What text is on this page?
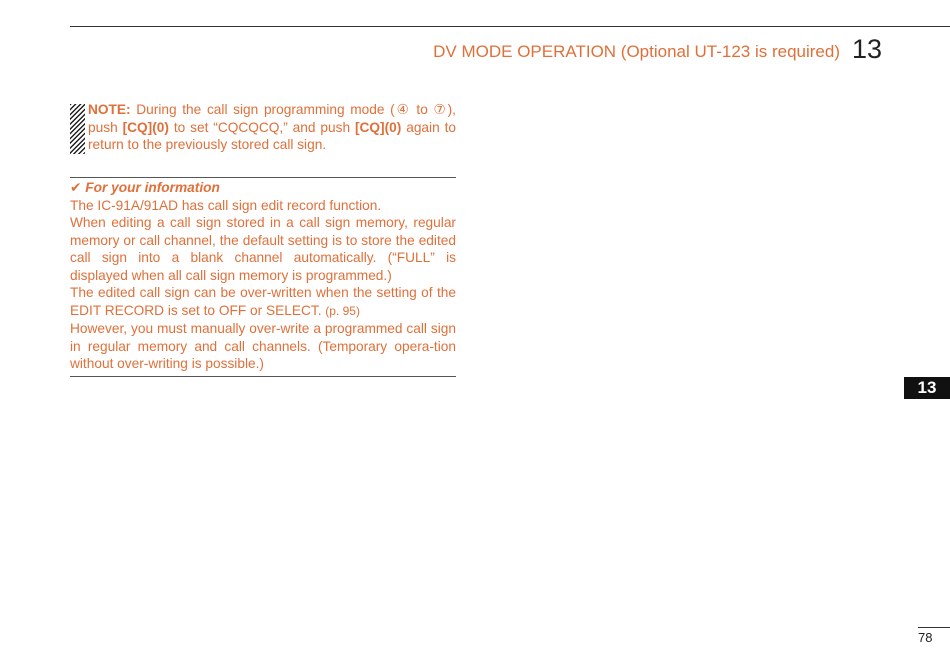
DV MODE OPERATION (Optional UT-123 is required) 13
NOTE: During the call sign programming mode (④ to ⑦), push [CQ](0) to set “CQCQCQ,” and push [CQ](0) again to return to the previously stored call sign.
✔ For your information
The IC-91A/91AD has call sign edit record function.
When editing a call sign stored in a call sign memory, regular memory or call channel, the default setting is to store the edited call sign into a blank channel automatically. (“FULL” is displayed when all call sign memory is programmed.)
The edited call sign can be over-written when the setting of the EDIT RECORD is set to OFF or SELECT. (p. 95)
However, you must manually over-write a programmed call sign in regular memory and call channels. (Temporary opera-tion without over-writing is possible.)
13
78
